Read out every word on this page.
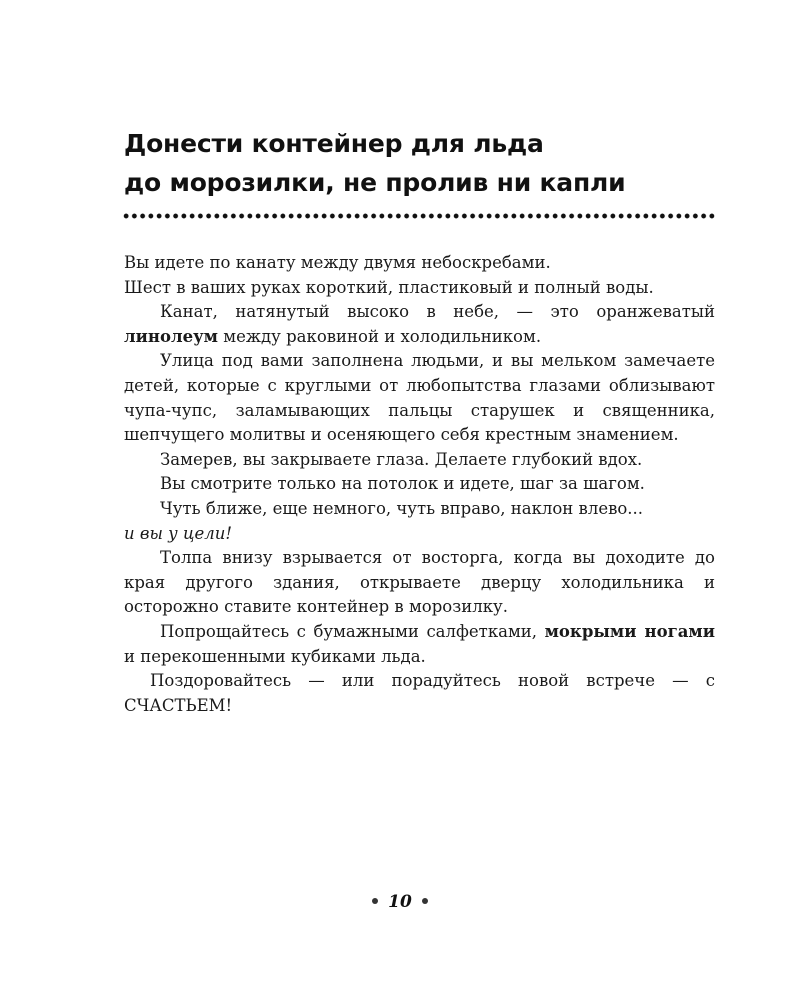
Донести контейнер для льда
до морозилки, не пролив ни капли

Вы идете по канату между двумя небоскребами.

Шест в ваших руках короткий, пластиковый и полный воды.

Канат, натянутый высоко в небе, — это оранжеватый линолеум между раковиной и холодильником.

Улица под вами заполнена людьми, и вы мельком замечаете детей, которые с круглыми от любопытства глазами облизывают чупа-чупс, заламывающих пальцы старушек и священника, шепчущего молитвы и осеняющего себя крестным знамением.

Замерев, вы закрываете глаза. Делаете глубокий вдох.

Вы смотрите только на потолок и идете, шаг за шагом.

Чуть ближе, еще немного, чуть вправо, наклон влево...

и вы у цели!

Толпа внизу взрывается от восторга, когда вы доходите до края другого здания, открываете дверцу холодильника и осторожно ставите контейнер в морозилку.

Попрощайтесь с бумажными салфетками, мокрыми ногами и перекошенными кубиками льда.

Поздоровайтесь — или порадуйтесь новой встрече — с СЧАСТЬЕМ!

10
